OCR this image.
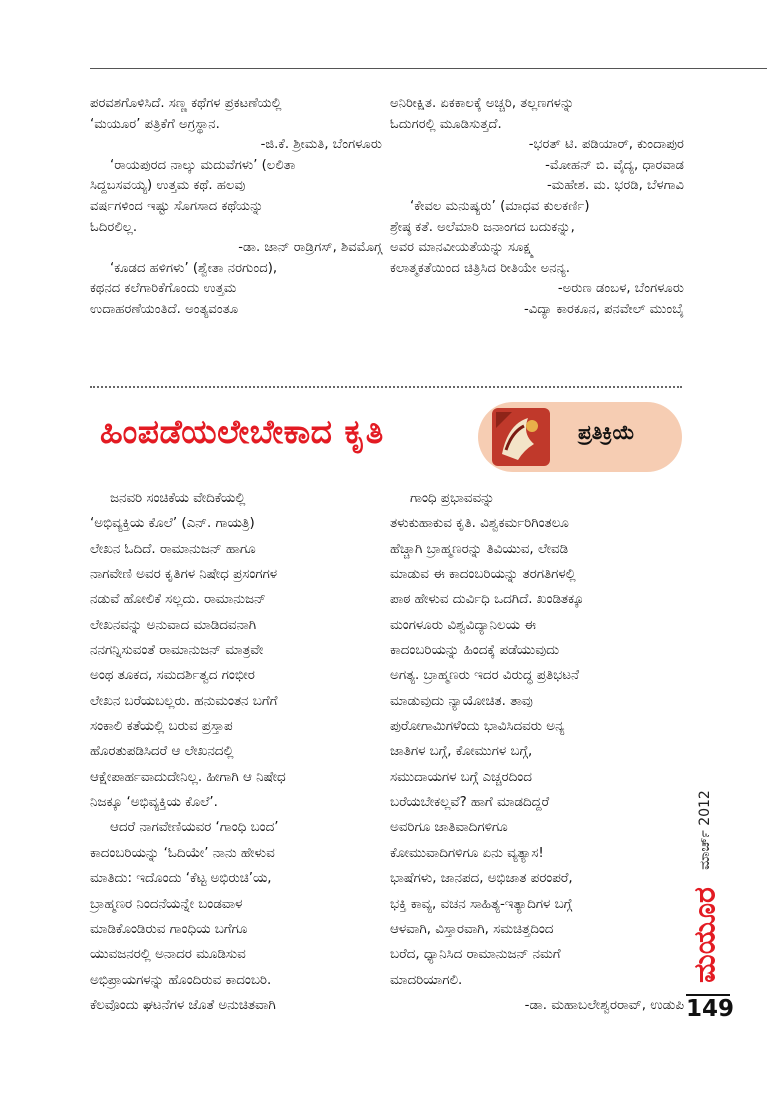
ಪರವಶಗೊಳಿಸಿದೆ. ಸಣ್ಣ ಕಥೆಗಳ ಪ್ರಕಟಣೆಯಲ್ಲಿ

‘ಮಯೂರ’ ಪತ್ರಿಕೆಗೆ ಅಗ್ರಸ್ಥಾನ.

-ಜಿ.ಕೆ. ಶ್ರೀಮತಿ, ಬೆಂಗಳೂರು

‘ರಾಯಪುರದ ನಾಲ್ಕು ಮದುವೆಗಳು’ (ಲಲಿತಾ

ಸಿದ್ದಬಸವಯ್ಯ) ಉತ್ತಮ ಕಥೆ. ಹಲವು

ವರ್ಷಗಳಿಂದ ಇಷ್ಟು ಸೊಗಸಾದ ಕಥೆಯನ್ನು

ಓದಿರಲಿಲ್ಲ.

-ಡಾ. ಜಾನ್ ರಾಡ್ರಿಗಸ್, ಶಿವಮೊಗ್ಗ

‘ಕೂಡದ ಹಳಿಗಳು’ (ಶ್ವೇತಾ ನರಗುಂದ),

ಕಥನದ ಕಲೆಗಾರಿಕೆಗೊಂದು ಉತ್ತಮ

ಉದಾಹರಣೆಯಂತಿದೆ. ಅಂತ್ಯವಂತೂ

ಅನಿರೀಕ್ಷಿತ. ಏಕಕಾಲಕ್ಕೆ ಅಚ್ಚರಿ, ತಲ್ಲಣಗಳನ್ನು

ಓದುಗರಲ್ಲಿ ಮೂಡಿಸುತ್ತದೆ.

-ಭರತ್ ಟಿ. ಪಡಿಯಾರ್, ಕುಂದಾಪುರ

-ಮೋಹನ್ ಬಿ. ವೈದ್ಯ, ಧಾರವಾಡ

-ಮಹೇಶ. ಮ. ಭರಡಿ, ಬೆಳಗಾವಿ

‘ಕೇವಲ ಮನುಷ್ಯರು’ (ಮಾಧವ ಕುಲಕರ್ಣಿ)

ಶ್ರೇಷ್ಠ ಕತೆ. ಅಲೆಮಾರಿ ಜನಾಂಗದ ಬದುಕನ್ನು,

ಅವರ ಮಾನವೀಯತೆಯನ್ನು ಸೂಕ್ಷ್ಮ

ಕಲಾತ್ಮಕತೆಯಿಂದ ಚಿತ್ರಿಸಿದ ರೀತಿಯೇ ಅನನ್ಯ.

-ಅರುಣ ಡಂಬಳ, ಬೆಂಗಳೂರು

-ವಿದ್ಯಾ ಕಾರಕೂನ, ಪನವೇಲ್ ಮುಂಬೈ

ಹಿಂಪಡೆಯಲೇಬೇಕಾದ ಕೃತಿ	ಪ್ರತಿಕ್ರಿಯೆ

ಜನವರಿ ಸಂಚಿಕೆಯ ವೇದಿಕೆಯಲ್ಲಿ

‘ಅಭಿವ್ಯಕ್ತಿಯ ಕೊಲೆ’ (ಎನ್. ಗಾಯತ್ರಿ)

ಲೇಖನ ಓದಿದೆ. ರಾಮಾನುಜನ್ ಹಾಗೂ

ನಾಗವೇಣಿ ಅವರ ಕೃತಿಗಳ ನಿಷೇಧ ಪ್ರಸಂಗಗಳ

ನಡುವೆ ಹೋಲಿಕೆ ಸಲ್ಲದು. ರಾಮಾನುಜನ್

ಲೇಖನವನ್ನು ಅನುವಾದ ಮಾಡಿದವನಾಗಿ

ನನಗನ್ನಿಸುವಂತೆ ರಾಮಾನುಜನ್ ಮಾತ್ರವೇ

ಅಂಥ ತೂಕದ, ಸಮದರ್ಶಿತ್ವದ ಗಂಭೀರ

ಲೇಖನ ಬರೆಯಬಲ್ಲರು. ಹನುಮಂತನ ಬಗೆಗೆ

ಸಂಕಾಲಿ ಕತೆಯಲ್ಲಿ ಬರುವ ಪ್ರಸ್ತಾಪ

ಹೊರತುಪಡಿಸಿದರೆ ಆ ಲೇಖನದಲ್ಲಿ

ಆಕ್ಷೇಪಾರ್ಹವಾದುದೇನಿಲ್ಲ. ಹೀಗಾಗಿ ಆ ನಿಷೇಧ

ನಿಜಕ್ಕೂ ‘ಅಭಿವ್ಯಕ್ತಿಯ ಕೊಲೆ’.

ಆದರೆ ನಾಗವೇಣಿಯವರ ‘ಗಾಂಧಿ ಬಂದ’

ಕಾದಂಬರಿಯನ್ನು ‘ಓದಿಯೇ’ ನಾನು ಹೇಳುವ

ಮಾತಿದು: ಇದೊಂದು ‘ಕೆಟ್ಟ ಅಭಿರುಚಿ’ಯ,

ಬ್ರಾಹ್ಮಣರ ನಿಂದನೆಯನ್ನೇ ಬಂಡವಾಳ

ಮಾಡಿಕೊಂಡಿರುವ ಗಾಂಧಿಯ ಬಗೆಗೂ

ಯುವಜನರಲ್ಲಿ ಅನಾದರ ಮೂಡಿಸುವ

ಅಭಿಪ್ರಾಯಗಳನ್ನು ಹೊಂದಿರುವ ಕಾದಂಬರಿ.

ಕೆಲವೊಂದು ಘಟನೆಗಳ ಜೊತೆ ಅನುಚಿತವಾಗಿ

ಗಾಂಧಿ ಪ್ರಭಾವವನ್ನು

ತಳುಕುಹಾಕುವ ಕೃತಿ. ವಿಶ್ವಕರ್ಮರಿಗಿಂತಲೂ

ಹೆಚ್ಚಾಗಿ ಬ್ರಾಹ್ಮಣರನ್ನು ತಿವಿಯುವ, ಲೇವಡಿ

ಮಾಡುವ ಈ ಕಾದಂಬರಿಯನ್ನು ತರಗತಿಗಳಲ್ಲಿ

ಪಾಠ ಹೇಳುವ ದುರ್ವಿಧಿ ಒದಗಿದೆ. ಖಂಡಿತಕ್ಕೂ

ಮಂಗಳೂರು ವಿಶ್ವವಿದ್ಯಾನಿಲಯ ಈ

ಕಾದಂಬರಿಯನ್ನು ಹಿಂದಕ್ಕೆ ಪಡೆಯುವುದು

ಅಗತ್ಯ. ಬ್ರಾಹ್ಮಣರು ಇದರ ವಿರುದ್ಧ ಪ್ರತಿಭಟನೆ

ಮಾಡುವುದು ನ್ಯಾಯೋಚಿತ. ತಾವು

ಪುರೋಗಾಮಿಗಳೆಂದು ಭಾವಿಸಿದವರು ಅನ್ಯ

ಜಾತಿಗಳ ಬಗ್ಗೆ, ಕೋಮುಗಳ ಬಗ್ಗೆ,

ಸಮುದಾಯಗಳ ಬಗ್ಗೆ ಎಚ್ಚರದಿಂದ

ಬರೆಯಬೇಕಲ್ಲವೆ? ಹಾಗೆ ಮಾಡದಿದ್ದರೆ

ಅವರಿಗೂ ಜಾತಿವಾದಿಗಳಿಗೂ

ಕೋಮುವಾದಿಗಳಿಗೂ ಏನು ವ್ಯತ್ಯಾಸ!

ಭಾಷೆಗಳು, ಜಾನಪದ, ಅಭಿಜಾತ ಪರಂಪರೆ,

ಭಕ್ತಿ ಕಾವ್ಯ, ವಚನ ಸಾಹಿತ್ಯ-ಇತ್ಯಾದಿಗಳ ಬಗ್ಗೆ

ಆಳವಾಗಿ, ವಿಸ್ತಾರವಾಗಿ, ಸಮಚಿತ್ತದಿಂದ

ಬರೆದ, ಧ್ಯಾನಿಸಿದ ರಾಮಾನುಜನ್ ನಮಗೆ

ಮಾದರಿಯಾಗಲಿ.

-ಡಾ. ಮಹಾಬಲೇಶ್ವರರಾವ್, ಉಡುಪಿ

ಮಾರ್ಚ್ 2012
ಮಯೂರ
149
